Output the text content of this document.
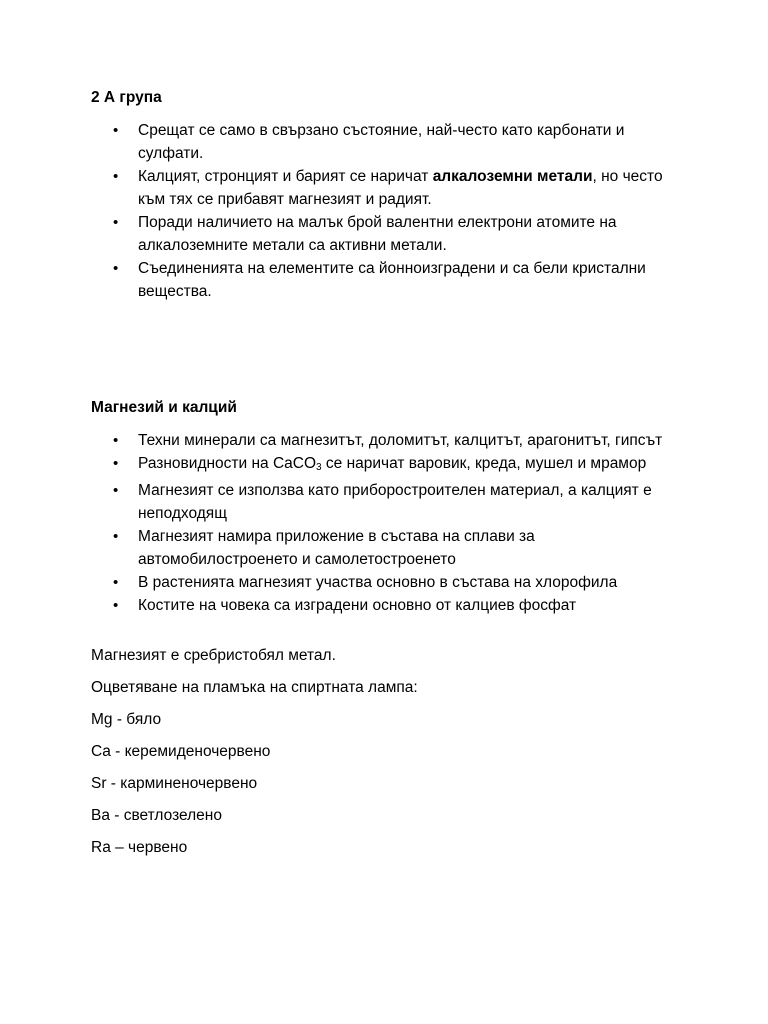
2 А група

• Срещат се само в свързано състояние, най-често като карбонати и сулфати.
• Калцият, стронцият и барият се наричат алкалоземни метали, но често към тях се прибавят магнезият и радият.
• Поради наличието на малък брой валентни електрони атомите на алкалоземните метали са активни метали.
• Съединенията на елементите са йонноизградени и са бели кристални вещества.

Магнезий и калций

• Техни минерали са магнезитът, доломитът, калцитът, арагонитът, гипсът
• Разновидности на CaCO$_3$ се наричат варовик, креда, мушел и мрамор
• Магнезият се използва като приборостроителен материал, а калцият е неподходящ
• Магнезият намира приложение в състава на сплави за автомобилостроенето и самолетостроенето
• В растенията магнезият участва основно в състава на хлорофила
• Костите на човека са изградени основно от калциев фосфат

Магнезият е сребристобял метал.

Оцветяване на пламъка на спиртната лампа:

Mg - бяло

Ca - керемиденочервено

Sr - карминеночервено

Ba - светлозелено

Ra – червено
